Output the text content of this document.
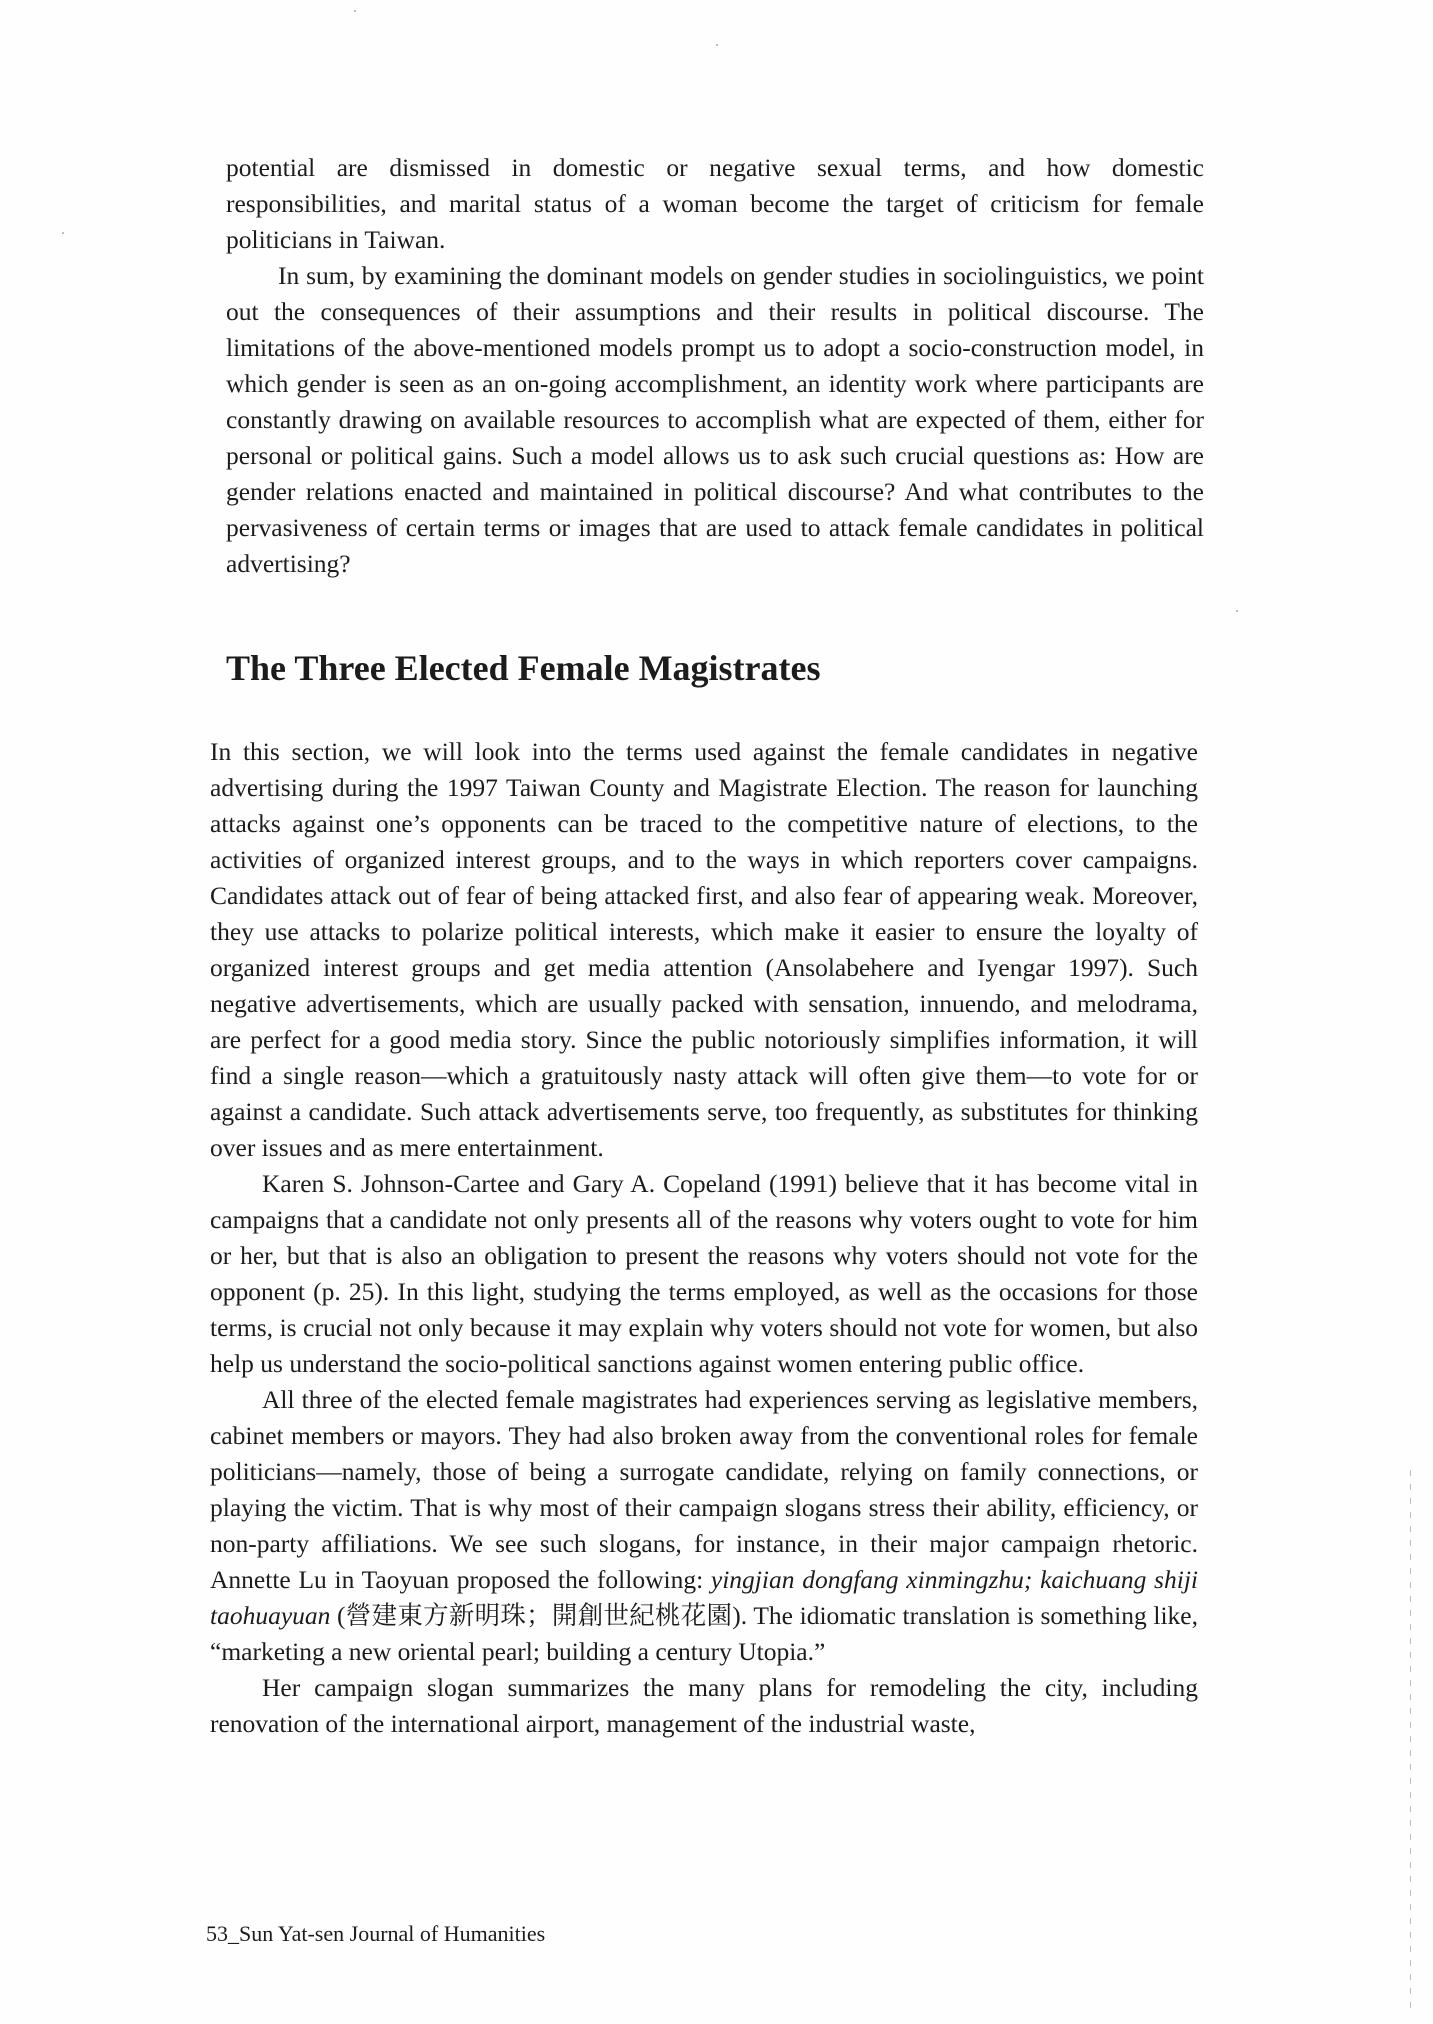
potential are dismissed in domestic or negative sexual terms, and how domestic responsibilities, and marital status of a woman become the target of criticism for female politicians in Taiwan.

In sum, by examining the dominant models on gender studies in sociolinguistics, we point out the consequences of their assumptions and their results in political discourse. The limitations of the above-mentioned models prompt us to adopt a socio-construction model, in which gender is seen as an on-going accomplishment, an identity work where participants are constantly drawing on available resources to accomplish what are expected of them, either for personal or political gains. Such a model allows us to ask such crucial questions as: How are gender relations enacted and maintained in political discourse? And what contributes to the pervasiveness of certain terms or images that are used to attack female candidates in political advertising?

The Three Elected Female Magistrates

In this section, we will look into the terms used against the female candidates in negative advertising during the 1997 Taiwan County and Magistrate Election. The reason for launching attacks against one’s opponents can be traced to the competitive nature of elections, to the activities of organized interest groups, and to the ways in which reporters cover campaigns. Candidates attack out of fear of being attacked first, and also fear of appearing weak. Moreover, they use attacks to polarize political interests, which make it easier to ensure the loyalty of organized interest groups and get media attention (Ansolabehere and Iyengar 1997). Such negative advertisements, which are usually packed with sensation, innuendo, and melodrama, are perfect for a good media story. Since the public notoriously simplifies information, it will find a single reason—which a gratuitously nasty attack will often give them—to vote for or against a candidate. Such attack advertisements serve, too frequently, as substitutes for thinking over issues and as mere entertainment.

Karen S. Johnson-Cartee and Gary A. Copeland (1991) believe that it has become vital in campaigns that a candidate not only presents all of the reasons why voters ought to vote for him or her, but that is also an obligation to present the reasons why voters should not vote for the opponent (p. 25). In this light, studying the terms employed, as well as the occasions for those terms, is crucial not only because it may explain why voters should not vote for women, but also help us understand the socio-political sanctions against women entering public office.

All three of the elected female magistrates had experiences serving as legislative members, cabinet members or mayors. They had also broken away from the conventional roles for female politicians—namely, those of being a surrogate candidate, relying on family connections, or playing the victim. That is why most of their campaign slogans stress their ability, efficiency, or non-party affiliations. We see such slogans, for instance, in their major campaign rhetoric. Annette Lu in Taoyuan proposed the following: yingjian dongfang xinmingzhu; kaichuang shiji taohuayuan (營建東方新明珠；開創世紀桃花園). The idiomatic translation is something like, “marketing a new oriental pearl; building a century Utopia.”

Her campaign slogan summarizes the many plans for remodeling the city, including renovation of the international airport, management of the industrial waste,

53_Sun Yat-sen Journal of Humanities
